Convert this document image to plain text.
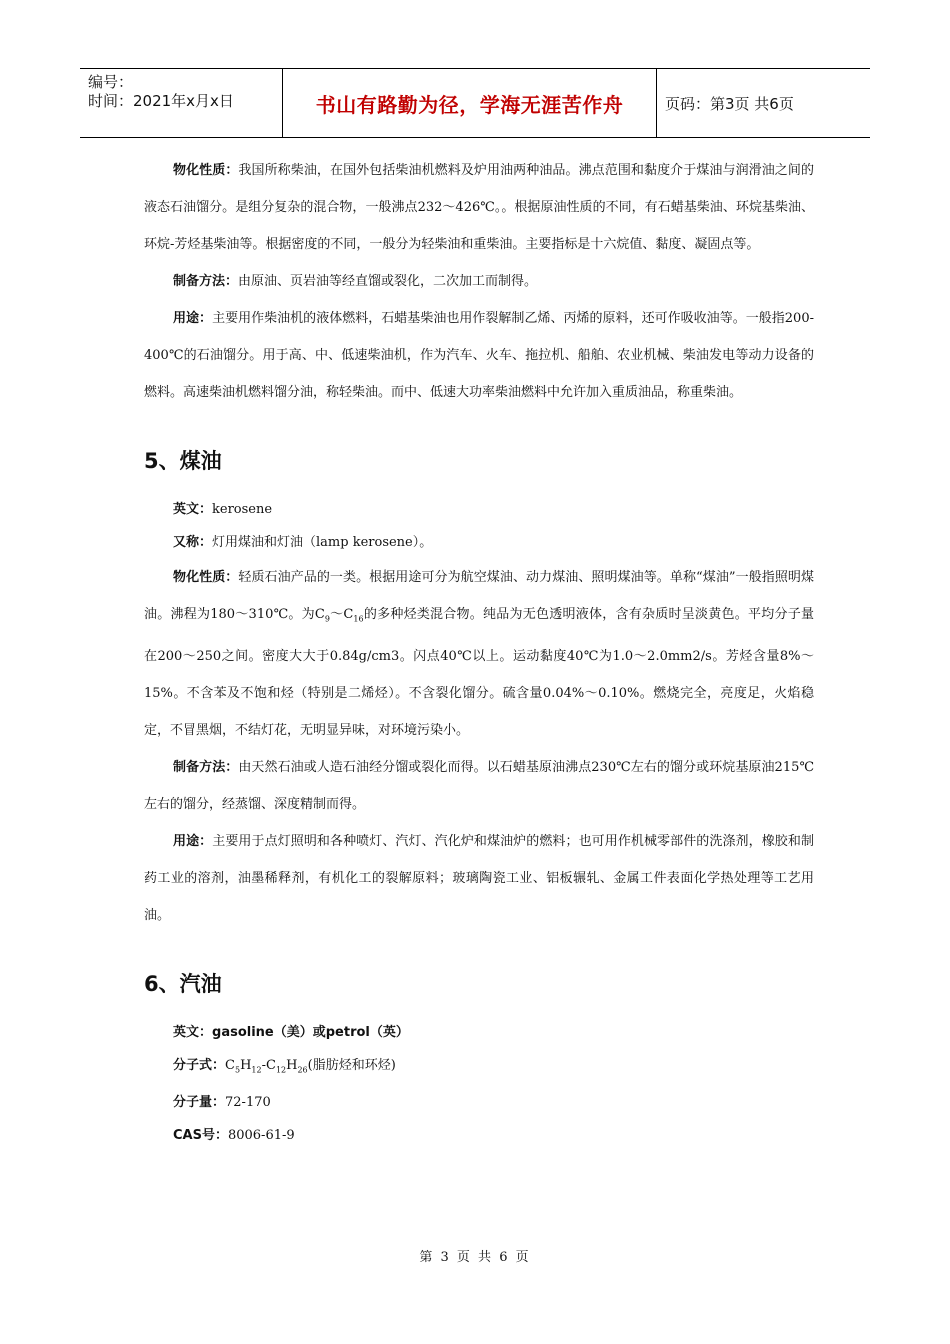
编号：
时间：2021年x月x日	书山有路勤为径，学海无涯苦作舟	页码：第3页 共6页

物化性质：我国所称柴油，在国外包括柴油机燃料及炉用油两种油品。沸点范围和黏度介于煤油与润滑油之间的液态石油馏分。是组分复杂的混合物，一般沸点232～426℃。。根据原油性质的不同，有石蜡基柴油、环烷基柴油、环烷-芳烃基柴油等。根据密度的不同，一般分为轻柴油和重柴油。主要指标是十六烷值、黏度、凝固点等。

制备方法：由原油、页岩油等经直馏或裂化，二次加工而制得。

用途：主要用作柴油机的液体燃料，石蜡基柴油也用作裂解制乙烯、丙烯的原料，还可作吸收油等。一般指200-400℃的石油馏分。用于高、中、低速柴油机，作为汽车、火车、拖拉机、船舶、农业机械、柴油发电等动力设备的燃料。高速柴油机燃料馏分油，称轻柴油。而中、低速大功率柴油燃料中允许加入重质油品，称重柴油。

5、煤油

英文：kerosene

又称：灯用煤油和灯油（lamp kerosene）。

物化性质：轻质石油产品的一类。根据用途可分为航空煤油、动力煤油、照明煤油等。单称“煤油”一般指照明煤油。沸程为180～310℃。为$C_9\sim C_{16}$的多种烃类混合物。纯品为无色透明液体，含有杂质时呈淡黄色。平均分子量在200～250之间。密度大大于0.84g/cm3。闪点40℃以上。运动黏度40℃为1.0～2.0mm2/s。芳烃含量8%～15%。不含苯及不饱和烃（特别是二烯烃）。不含裂化馏分。硫含量0.04%～0.10%。燃烧完全，亮度足，火焰稳定，不冒黑烟，不结灯花，无明显异味，对环境污染小。

制备方法：由天然石油或人造石油经分馏或裂化而得。以石蜡基原油沸点230℃左右的馏分或环烷基原油215℃左右的馏分，经蒸馏、深度精制而得。

用途：主要用于点灯照明和各种喷灯、汽灯、汽化炉和煤油炉的燃料；也可用作机械零部件的洗涤剂，橡胶和制药工业的溶剂，油墨稀释剂，有机化工的裂解原料；玻璃陶瓷工业、铝板辗轧、金属工件表面化学热处理等工艺用油。

6、汽油

英文：gasoline（美）或petrol（英）

分子式：$C_5H_{12}-C_{12}H_{26}$(脂肪烃和环烃)

分子量：72-170

CAS号：8006-61-9

第 3 页 共 6 页
